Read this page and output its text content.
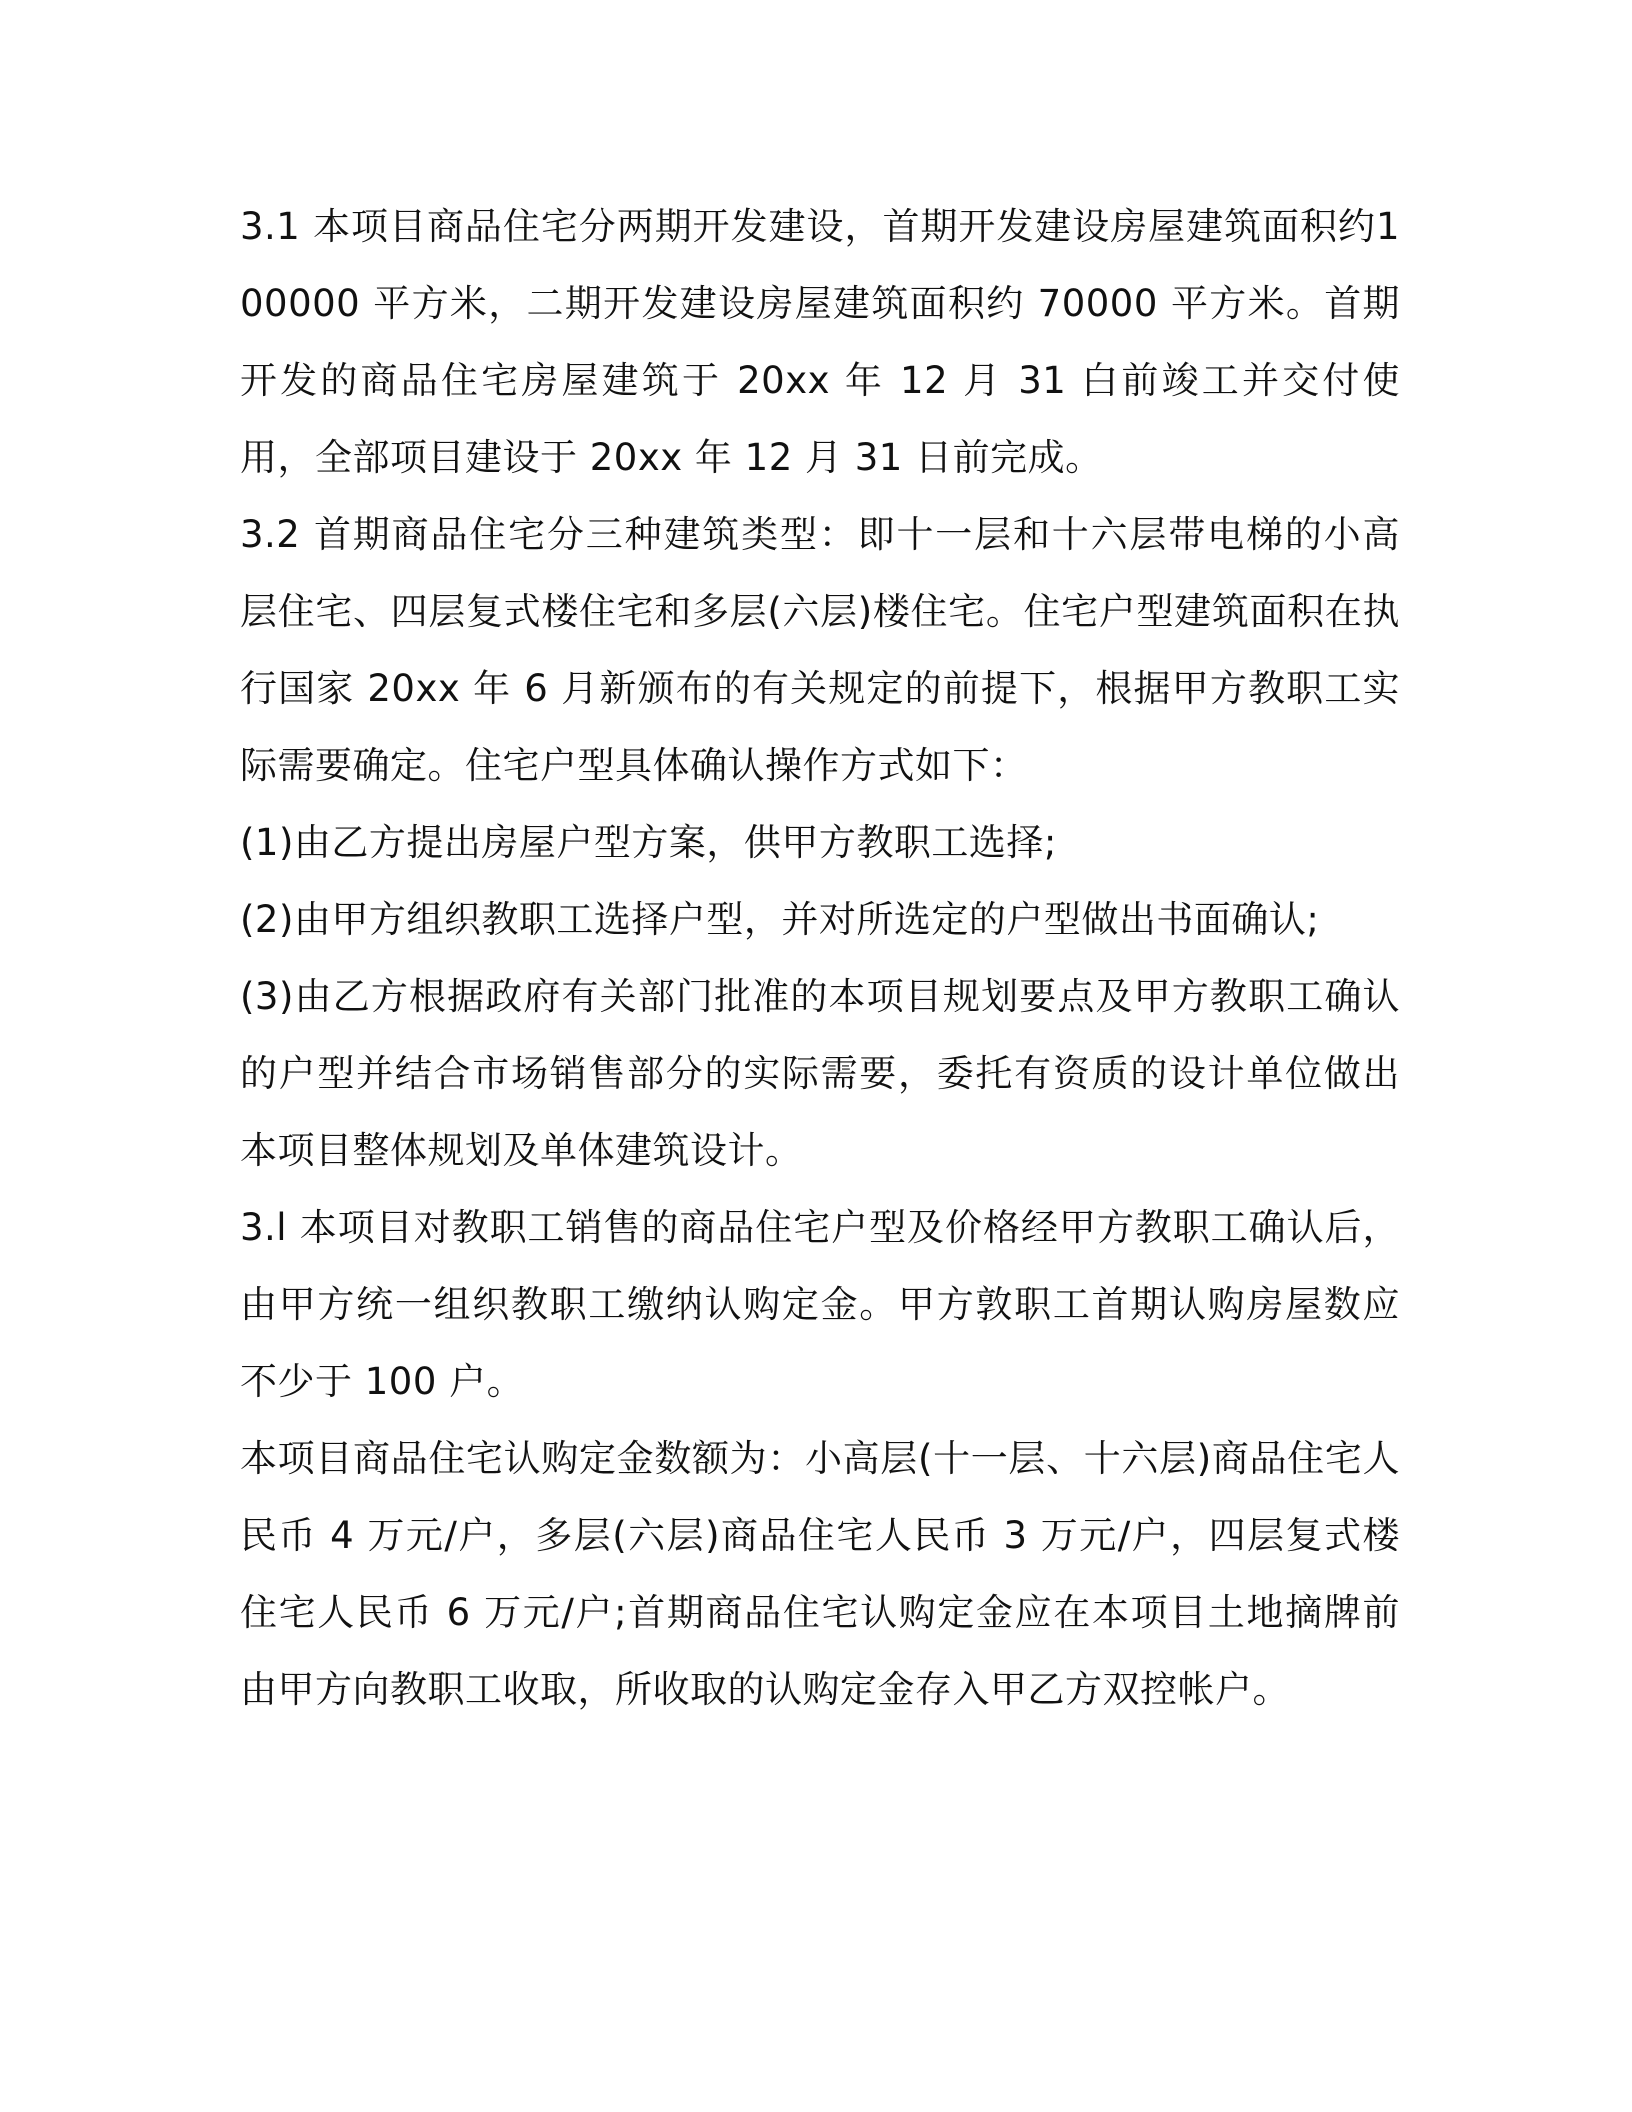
3.1 本项目商品住宅分两期开发建设，首期开发建设房屋建筑面积约100000 平方米，二期开发建设房屋建筑面积约 70000 平方米。首期开发的商品住宅房屋建筑于 20xx 年 12 月 31 白前竣工并交付使用，全部项目建设于 20xx 年 12 月 31 日前完成。

3.2 首期商品住宅分三种建筑类型：即十一层和十六层带电梯的小高层住宅、四层复式楼住宅和多层(六层)楼住宅。住宅户型建筑面积在执行国家 20xx 年 6 月新颁布的有关规定的前提下，根据甲方教职工实际需要确定。住宅户型具体确认操作方式如下：

(1)由乙方提出房屋户型方案，供甲方教职工选择;

(2)由甲方组织教职工选择户型，并对所选定的户型做出书面确认;

(3)由乙方根据政府有关部门批准的本项目规划要点及甲方教职工确认的户型并结合市场销售部分的实际需要，委托有资质的设计单位做出本项目整体规划及单体建筑设计。

3.l 本项目对教职工销售的商品住宅户型及价格经甲方教职工确认后，由甲方统一组织教职工缴纳认购定金。甲方敦职工首期认购房屋数应不少于 100 户。

本项目商品住宅认购定金数额为：小高层(十一层、十六层)商品住宅人民币 4 万元/户，多层(六层)商品住宅人民币 3 万元/户，四层复式楼住宅人民币 6 万元/户;首期商品住宅认购定金应在本项目土地摘牌前由甲方向教职工收取，所收取的认购定金存入甲乙方双控帐户。
